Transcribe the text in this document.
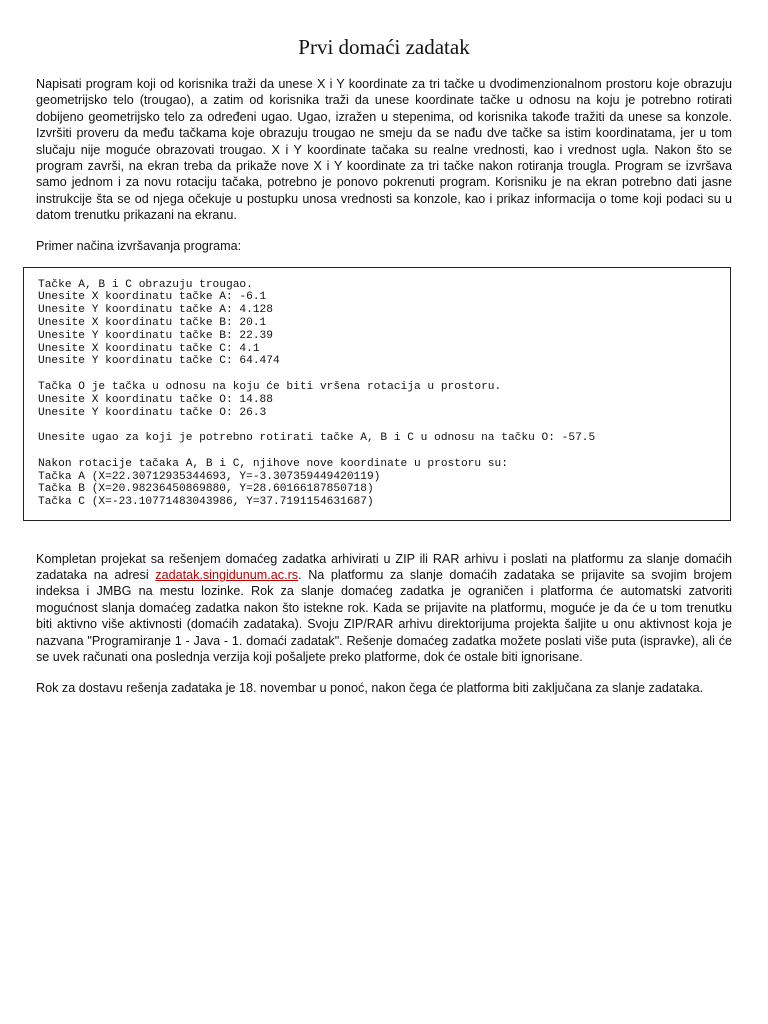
Prvi domaći zadatak

Napisati program koji od korisnika traži da unese X i Y koordinate za tri tačke u dvodimenzionalnom prostoru koje obrazuju geometrijsko telo (trougao), a zatim od korisnika traži da unese koordinate tačke u odnosu na koju je potrebno rotirati dobijeno geometrijsko telo za određeni ugao. Ugao, izražen u stepenima, od korisnika takođe tražiti da unese sa konzole. Izvršiti proveru da među tačkama koje obrazuju trougao ne smeju da se nađu dve tačke sa istim koordinatama, jer u tom slučaju nije moguće obrazovati trougao. X i Y koordinate tačaka su realne vrednosti, kao i vrednost ugla. Nakon što se program završi, na ekran treba da prikaže nove X i Y koordinate za tri tačke nakon rotiranja trougla. Program se izvršava samo jednom i za novu rotaciju tačaka, potrebno je ponovo pokrenuti program. Korisniku je na ekran potrebno dati jasne instrukcije šta se od njega očekuje u postupku unosa vrednosti sa konzole, kao i prikaz informacija o tome koji podaci su u datom trenutku prikazani na ekranu.

Primer načina izvršavanja programa:

Tačke A, B i C obrazuju trougao.
Unesite X koordinatu tačke A: -6.1
Unesite Y koordinatu tačke A: 4.128
Unesite X koordinatu tačke B: 20.1
Unesite Y koordinatu tačke B: 22.39
Unesite X koordinatu tačke C: 4.1
Unesite Y koordinatu tačke C: 64.474
Tačka O je tačka u odnosu na koju će biti vršena rotacija u prostoru.
Unesite X koordinatu tačke O: 14.88
Unesite Y koordinatu tačke O: 26.3
Unesite ugao za koji je potrebno rotirati tačke A, B i C u odnosu na tačku O: -57.5
Nakon rotacije tačaka A, B i C, njihove nove koordinate u prostoru su:
Tačka A (X=22.30712935344693, Y=-3.307359449420119)
Tačka B (X=20.98236450869880, Y=28.60166187850718)
Tačka C (X=-23.10771483043986, Y=37.7191154631687)

Kompletan projekat sa rešenjem domaćeg zadatka arhivirati u ZIP ili RAR arhivu i poslati na platformu za slanje domaćih zadataka na adresi zadatak.singidunum.ac.rs. Na platformu za slanje domaćih zadataka se prijavite sa svojim brojem indeksa i JMBG na mestu lozinke. Rok za slanje domaćeg zadatka je ograničen i platforma će automatski zatvoriti mogućnost slanja domaćeg zadatka nakon što istekne rok. Kada se prijavite na platformu, moguće je da će u tom trenutku biti aktivno više aktivnosti (domaćih zadataka). Svoju ZIP/RAR arhivu direktorijuma projekta šaljite u onu aktivnost koja je nazvana "Programiranje 1 - Java - 1. domaći zadatak". Rešenje domaćeg zadatka možete poslati više puta (ispravke), ali će se uvek računati ona poslednja verzija koji pošaljete preko platforme, dok će ostale biti ignorisane.

Rok za dostavu rešenja zadataka je 18. novembar u ponoć, nakon čega će platforma biti zaključana za slanje zadataka.
